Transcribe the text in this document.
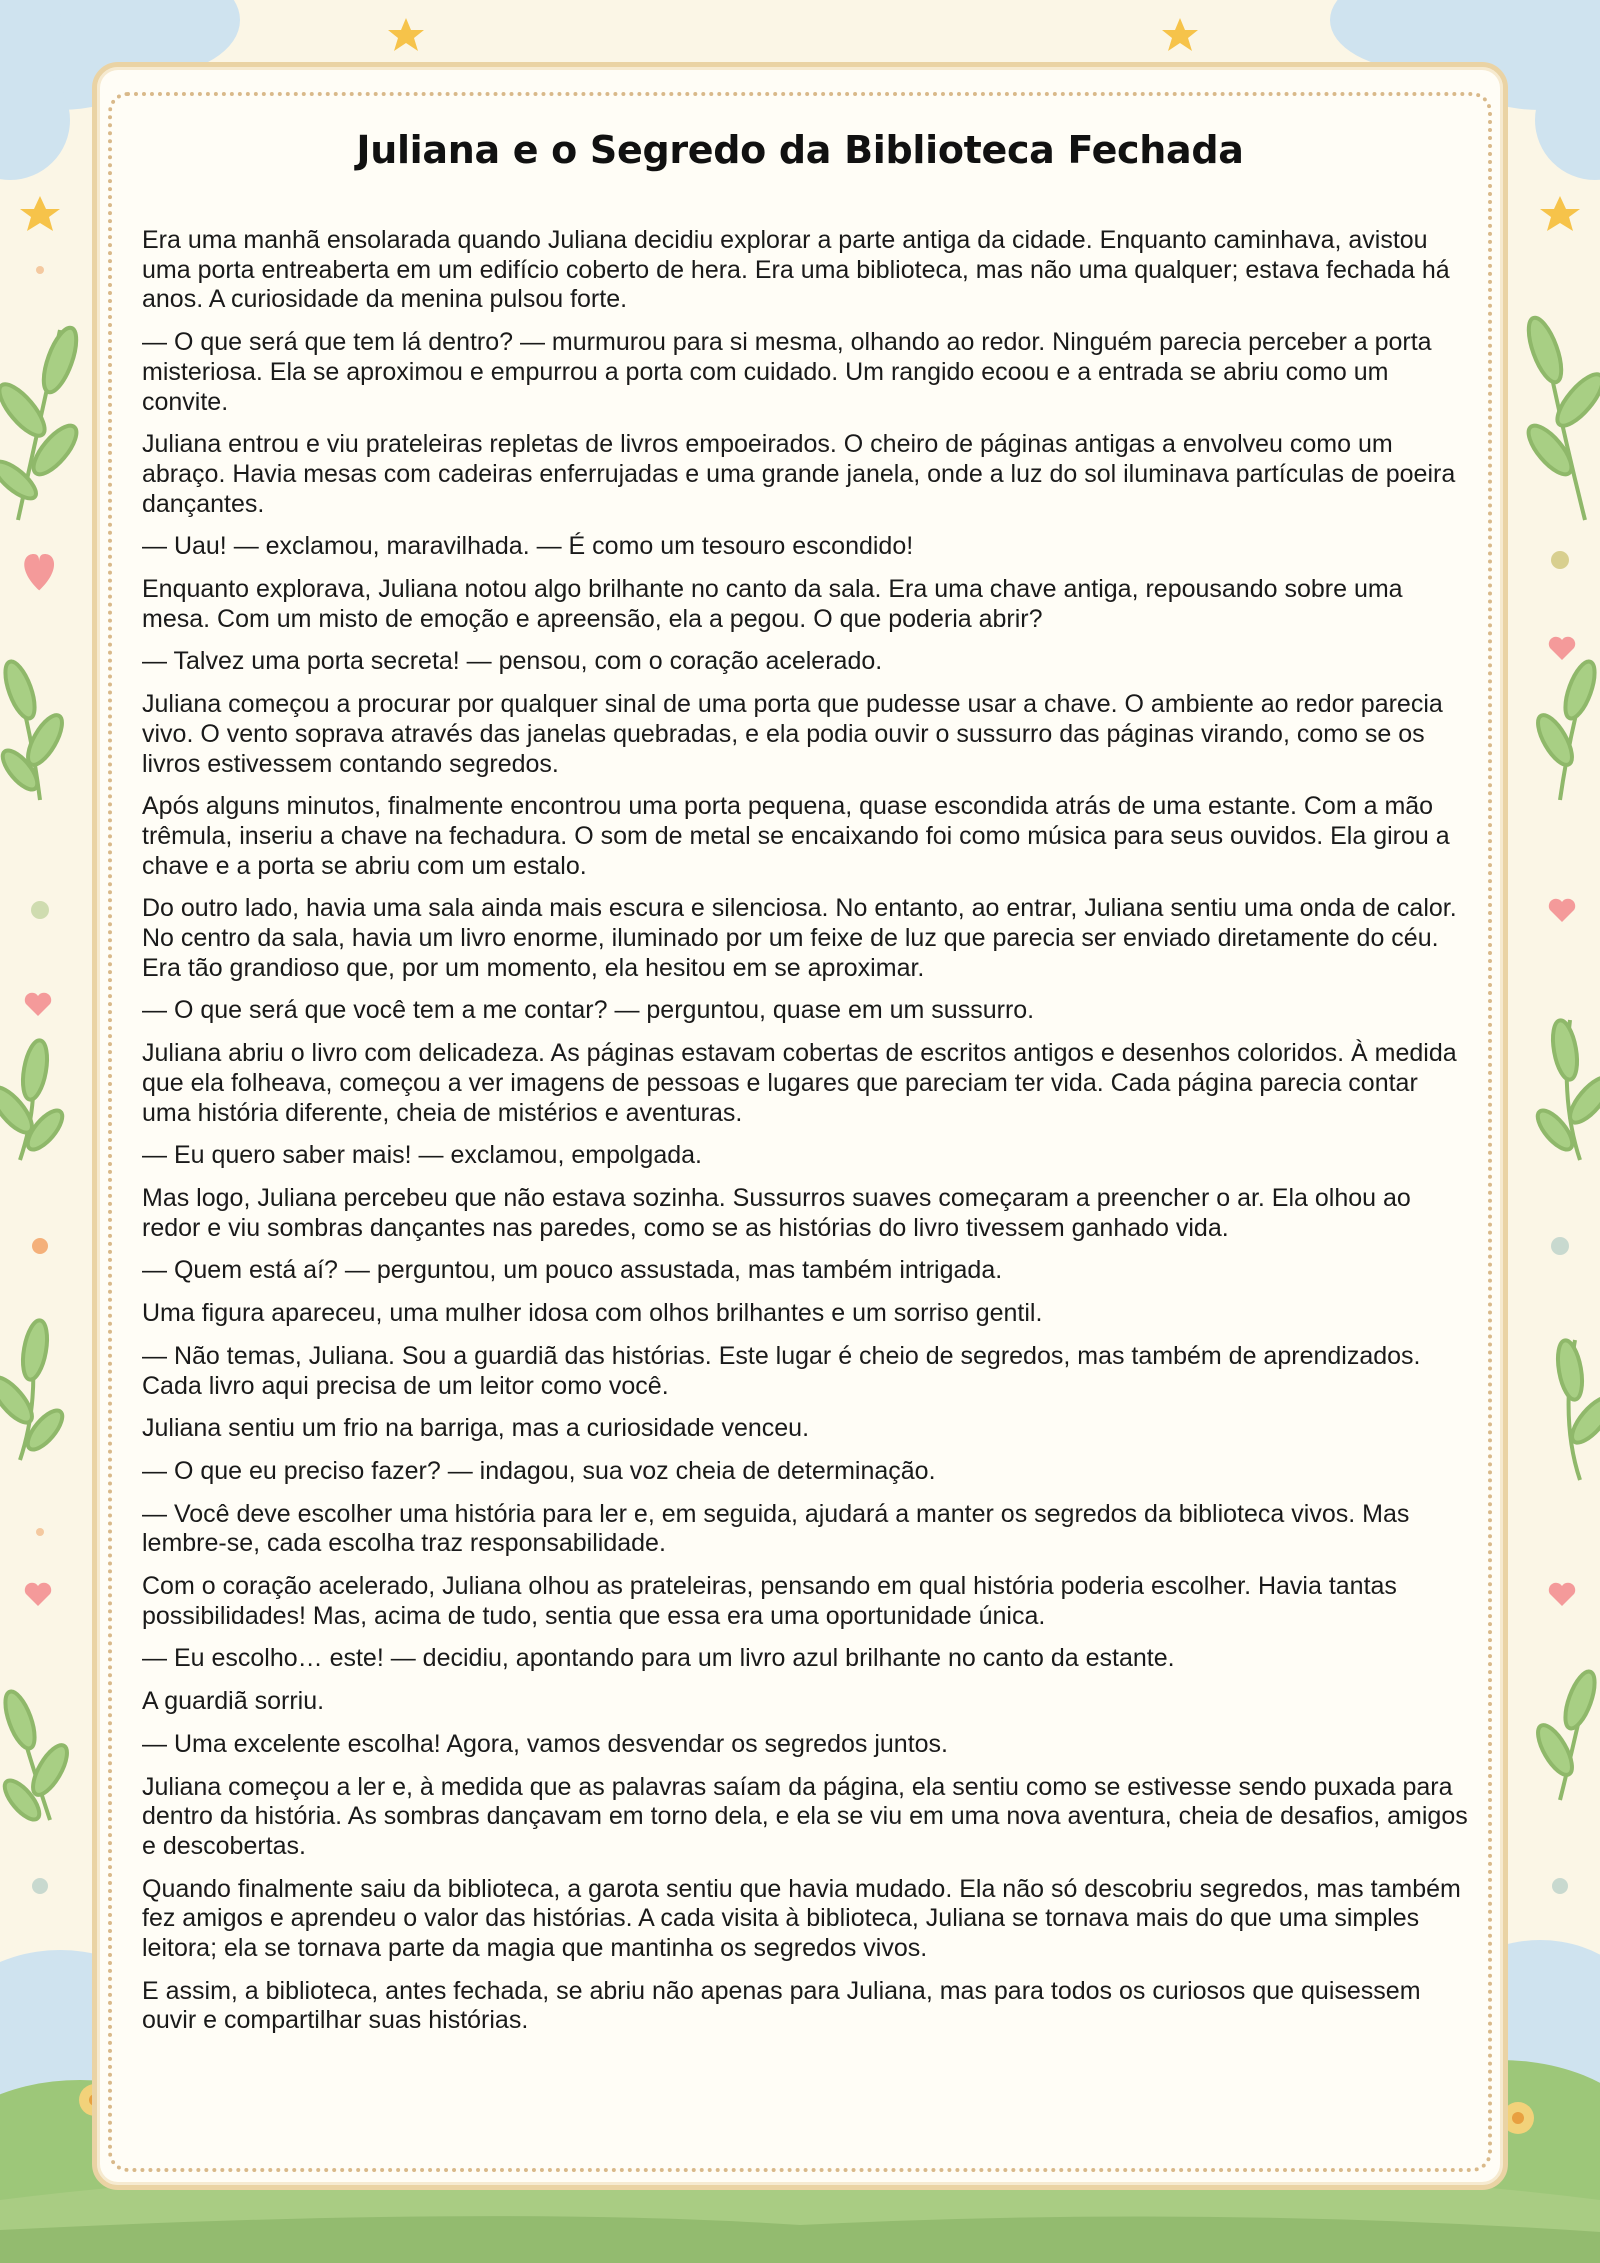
Juliana e o Segredo da Biblioteca Fechada

Era uma manhã ensolarada quando Juliana decidiu explorar a parte antiga da cidade. Enquanto caminhava, avistou uma porta entreaberta em um edifício coberto de hera. Era uma biblioteca, mas não uma qualquer; estava fechada há anos. A curiosidade da menina pulsou forte.

— O que será que tem lá dentro? — murmurou para si mesma, olhando ao redor. Ninguém parecia perceber a porta misteriosa. Ela se aproximou e empurrou a porta com cuidado. Um rangido ecoou e a entrada se abriu como um convite.

Juliana entrou e viu prateleiras repletas de livros empoeirados. O cheiro de páginas antigas a envolveu como um abraço. Havia mesas com cadeiras enferrujadas e uma grande janela, onde a luz do sol iluminava partículas de poeira dançantes.

— Uau! — exclamou, maravilhada. — É como um tesouro escondido!

Enquanto explorava, Juliana notou algo brilhante no canto da sala. Era uma chave antiga, repousando sobre uma mesa. Com um misto de emoção e apreensão, ela a pegou. O que poderia abrir?

— Talvez uma porta secreta! — pensou, com o coração acelerado.

Juliana começou a procurar por qualquer sinal de uma porta que pudesse usar a chave. O ambiente ao redor parecia vivo. O vento soprava através das janelas quebradas, e ela podia ouvir o sussurro das páginas virando, como se os livros estivessem contando segredos.

Após alguns minutos, finalmente encontrou uma porta pequena, quase escondida atrás de uma estante. Com a mão trêmula, inseriu a chave na fechadura. O som de metal se encaixando foi como música para seus ouvidos. Ela girou a chave e a porta se abriu com um estalo.

Do outro lado, havia uma sala ainda mais escura e silenciosa. No entanto, ao entrar, Juliana sentiu uma onda de calor. No centro da sala, havia um livro enorme, iluminado por um feixe de luz que parecia ser enviado diretamente do céu. Era tão grandioso que, por um momento, ela hesitou em se aproximar.

— O que será que você tem a me contar? — perguntou, quase em um sussurro.

Juliana abriu o livro com delicadeza. As páginas estavam cobertas de escritos antigos e desenhos coloridos. À medida que ela folheava, começou a ver imagens de pessoas e lugares que pareciam ter vida. Cada página parecia contar uma história diferente, cheia de mistérios e aventuras.

— Eu quero saber mais! — exclamou, empolgada.

Mas logo, Juliana percebeu que não estava sozinha. Sussurros suaves começaram a preencher o ar. Ela olhou ao redor e viu sombras dançantes nas paredes, como se as histórias do livro tivessem ganhado vida.

— Quem está aí? — perguntou, um pouco assustada, mas também intrigada.

Uma figura apareceu, uma mulher idosa com olhos brilhantes e um sorriso gentil.

— Não temas, Juliana. Sou a guardiã das histórias. Este lugar é cheio de segredos, mas também de aprendizados. Cada livro aqui precisa de um leitor como você.

Juliana sentiu um frio na barriga, mas a curiosidade venceu.

— O que eu preciso fazer? — indagou, sua voz cheia de determinação.

— Você deve escolher uma história para ler e, em seguida, ajudará a manter os segredos da biblioteca vivos. Mas lembre-se, cada escolha traz responsabilidade.

Com o coração acelerado, Juliana olhou as prateleiras, pensando em qual história poderia escolher. Havia tantas possibilidades! Mas, acima de tudo, sentia que essa era uma oportunidade única.

— Eu escolho… este! — decidiu, apontando para um livro azul brilhante no canto da estante.

A guardiã sorriu.

— Uma excelente escolha! Agora, vamos desvendar os segredos juntos.

Juliana começou a ler e, à medida que as palavras saíam da página, ela sentiu como se estivesse sendo puxada para dentro da história. As sombras dançavam em torno dela, e ela se viu em uma nova aventura, cheia de desafios, amigos e descobertas.

Quando finalmente saiu da biblioteca, a garota sentiu que havia mudado. Ela não só descobriu segredos, mas também fez amigos e aprendeu o valor das histórias. A cada visita à biblioteca, Juliana se tornava mais do que uma simples leitora; ela se tornava parte da magia que mantinha os segredos vivos.

E assim, a biblioteca, antes fechada, se abriu não apenas para Juliana, mas para todos os curiosos que quisessem ouvir e compartilhar suas histórias.
